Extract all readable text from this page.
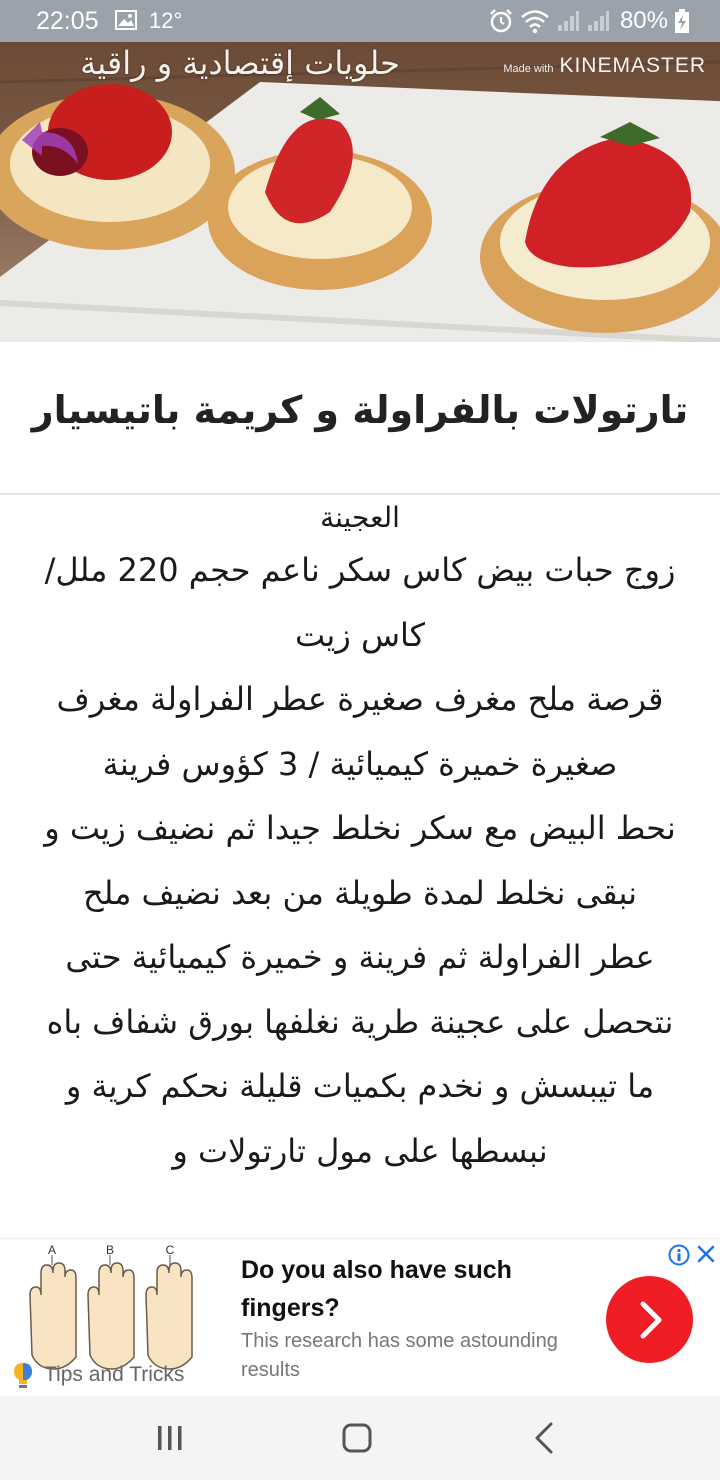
22:05 12°	80%
حلويات إقتصادية و راقية	Made with KINEMASTER
تارتولات بالفراولة و كريمة باتيسيار

العجينة

زوج حبات بيض كاس سكر ناعم حجم 220 ملل/ كاس زيت

قرصة ملح مغرف صغيرة عطر الفراولة مغرف صغيرة خميرة كيميائية / 3 كؤوس فرينة

نحط البيض مع سكر نخلط جيدا ثم نضيف زيت و نبقى نخلط لمدة طويلة من بعد نضيف ملح

عطر الفراولة ثم فرينة و خميرة كيميائية حتى نتحصل على عجينة طرية نغلفها بورق شفاف باه ما تيبسش و نخدم بكميات قليلة نحكم كرية و نبسطها على مول تارتولات و

A	B	C
Do you also have such fingers?
This research has some astounding results
Tips and Tricks
